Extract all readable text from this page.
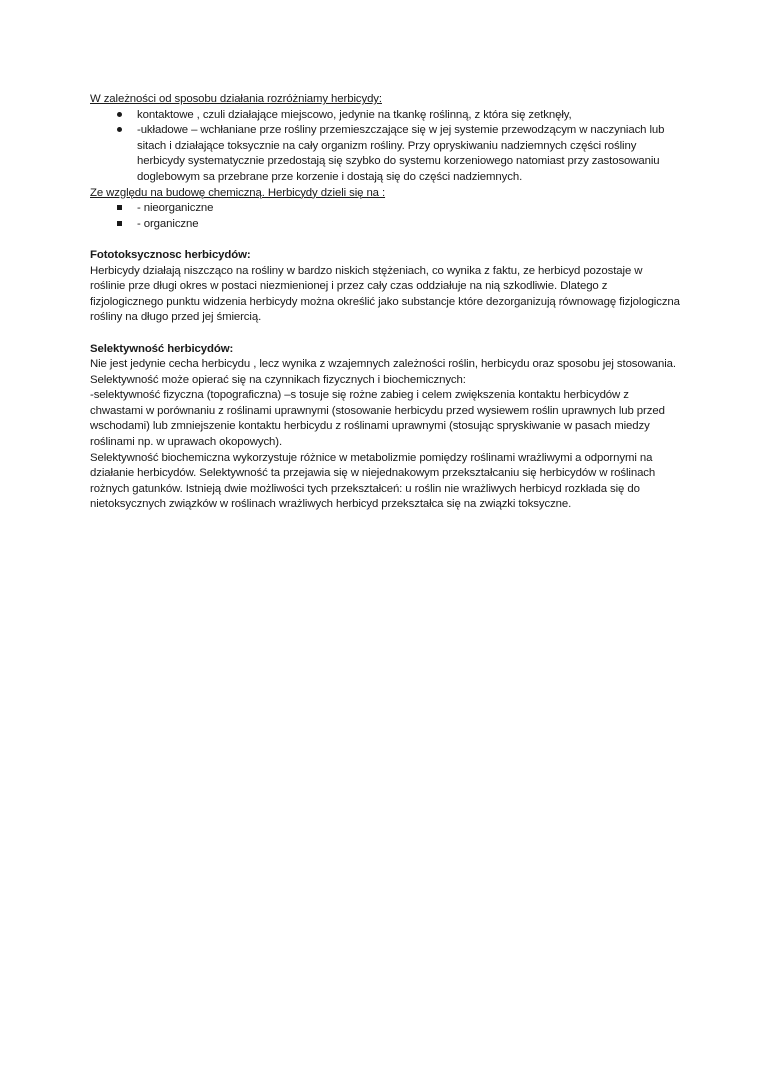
W zależności od sposobu działania rozróżniamy herbicydy:

kontaktowe , czuli działające miejscowo, jedynie na tkankę roślinną, z która się zetknęły,
-układowe – wchłaniane prze rośliny przemieszczające się w jej systemie przewodzącym w naczyniach lub sitach i działające toksycznie na cały organizm rośliny. Przy opryskiwaniu nadziemnych części rośliny herbicydy systematycznie przedostają się szybko do systemu korzeniowego natomiast przy zastosowaniu doglebowym sa przebrane prze korzenie i dostają się do części nadziemnych.

Ze względu na budowę chemiczną. Herbicydy dzieli się na :

- nieorganiczne
- organiczne

Fototoksycznosc herbicydów:

Herbicydy działają niszcząco na rośliny w bardzo niskich stężeniach, co wynika z faktu, ze herbicyd pozostaje w roślinie prze długi okres w postaci niezmienionej i przez cały czas oddziałuje na nią szkodliwie. Dlatego z fizjologicznego punktu widzenia herbicydy można określić jako substancje które dezorganizują równowagę fizjologiczna rośliny na długo przed jej śmiercią.

Selektywność herbicydów:

Nie jest jedynie cecha herbicydu , lecz wynika z wzajemnych zależności roślin, herbicydu oraz sposobu jej stosowania. Selektywność może opierać się na czynnikach fizycznych i biochemicznych:

-selektywność fizyczna (topograficzna) –s tosuje się rożne zabieg i celem zwiększenia kontaktu herbicydów z chwastami w porównaniu z roślinami uprawnymi (stosowanie herbicydu przed wysiewem roślin uprawnych lub przed wschodami) lub zmniejszenie kontaktu herbicydu z roślinami uprawnymi (stosując spryskiwanie w pasach miedzy roślinami np. w uprawach okopowych).

Selektywność biochemiczna wykorzystuje różnice w metabolizmie pomiędzy roślinami wrażliwymi a odpornymi na działanie herbicydów. Selektywność ta przejawia się w niejednakowym przekształcaniu się herbicydów w roślinach rożnych gatunków. Istnieją dwie możliwości tych przekształceń: u roślin nie wrażliwych herbicyd rozkłada się do nietoksycznych związków w roślinach wrażliwych herbicyd przekształca się na związki toksyczne.
